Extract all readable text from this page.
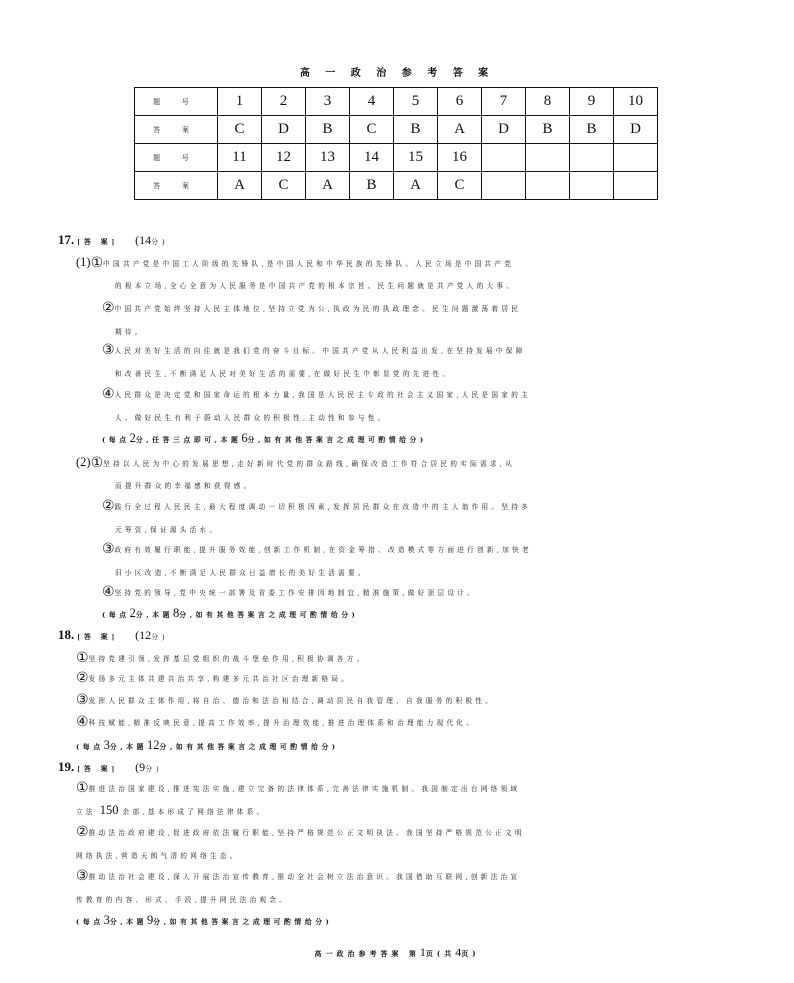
高 一 政 治 参 考 答 案
题 号	1	2	3	4	5	6	7	8	9	10
答 案	C	D	B	C	B	A	D	B	B	D
题 号	11	12	13	14	15	16				
答 案	A	C	A	B	A	C				
17. [答 案] (14分)
(1)①中国共产党是中国工人阶级的先锋队,是中国人民和中华民族的先锋队。人民立场是中国共产党
的根本立场,全心全意为人民服务是中国共产党的根本宗旨。民生问题就是共产党人的大事。
②中国共产党始终坚持人民主体地位,坚持立党为公,执政为民的执政理念。民生问题激荡着居民
期待。
③人民对美好生活的向往就是我们党的奋斗目标。中国共产党从人民利益出发,在坚持发展中保障
和改善民生,不断满足人民对美好生活的需要,在做好民生中彰显党的先进性。
④人民群众是决定党和国家命运的根本力量,我国是人民民主专政的社会主义国家,人民是国家的主
人。做好民生有利于蔚动人民群众的积极性,主动性和参与性。
(每点2分,任答三点即可,本题6分,如有其他答案言之成理可酌情给分)
(2)①坚持以人民为中心的发展思想,走好新时代党的群众路线,确保改造工作符合居民的实际需求,从
而提升群众的幸福感和获得感。
②践行全过程人民民主,最大程度调动一切积极因素,发挥居民群众在改造中的主人翁作用。坚持多
元筹资,保证源头活水。
③政府有效履行职能,提升服务效能,创新工作机制,在资金筹措、改造模式等方面进行创新,加快老
旧小区改造,不断满足人民群众日益增长的美好生活需要。
④坚持党的领导,党中央统一部署及省委工作安排因地制宜,精准施策,做好顶层设计。
(每点2分,本题8分,如有其他答案言之成理可酌情给分)
18. [答 案] (12分)
①坚持党建引领,发挥基层党组织的战斗堡垒作用,积极协调各方。
②发扬多元主体共建共治共享,构建多元共治社区治理新格局。
③发挥人民群众主体作用,将自治、德治和法治相结合,调动居民自我管理、自我服务的积极性。
④科技赋能,精准反映民意,提高工作效率,提升治理效能,推进治理体系和治理能力现代化。
(每点3分,本题12分,如有其他答案言之成理可酌情给分)
19. [答 案] (9分)
①推进法治国家建设,推进宪法实施,建立完备的法律体系,完善法律实施机制。我国制定出台网络领域
立法 150 余部,基本形成了网络法律体系。
②推动法治政府建设,促进政府依法履行职能,坚持严格规范公正文明执法。我国坚持严格规范公正文明
网络执法,营造天朗气清的网络生态。
③推动法治社会建设,深入开展法治宣传教育,推动全社会树立法治意识。我国借助互联网,创新法治宣
传教育的内容、形式、手段,提升网民法治观念。
(每点3分,本题9分,如有其他答案言之成理可酌情给分)
高一政治参考答案 第1页(共4页)
